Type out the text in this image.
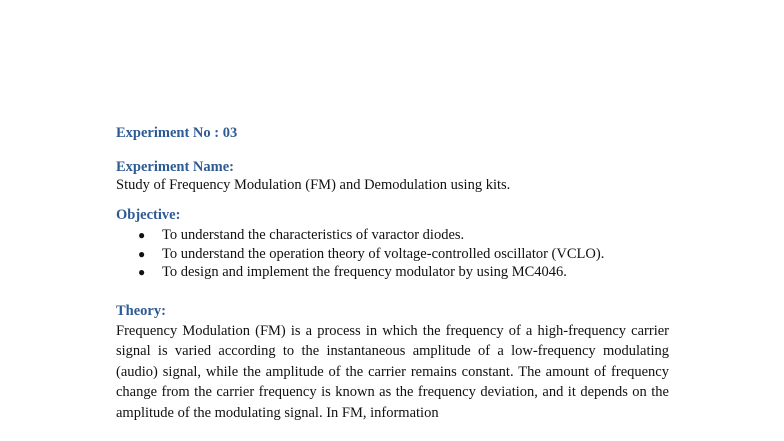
Experiment No : 03

Experiment Name:

Study of Frequency Modulation (FM) and Demodulation using kits.

Objective:

● To understand the characteristics of varactor diodes.
● To understand the operation theory of voltage-controlled oscillator (VCLO).
● To design and implement the frequency modulator by using MC4046.

Theory:

Frequency Modulation (FM) is a process in which the frequency of a high-frequency carrier signal is varied according to the instantaneous amplitude of a low-frequency modulating (audio) signal, while the amplitude of the carrier remains constant. The amount of frequency change from the carrier frequency is known as the frequency deviation, and it depends on the amplitude of the modulating signal. In FM, information
